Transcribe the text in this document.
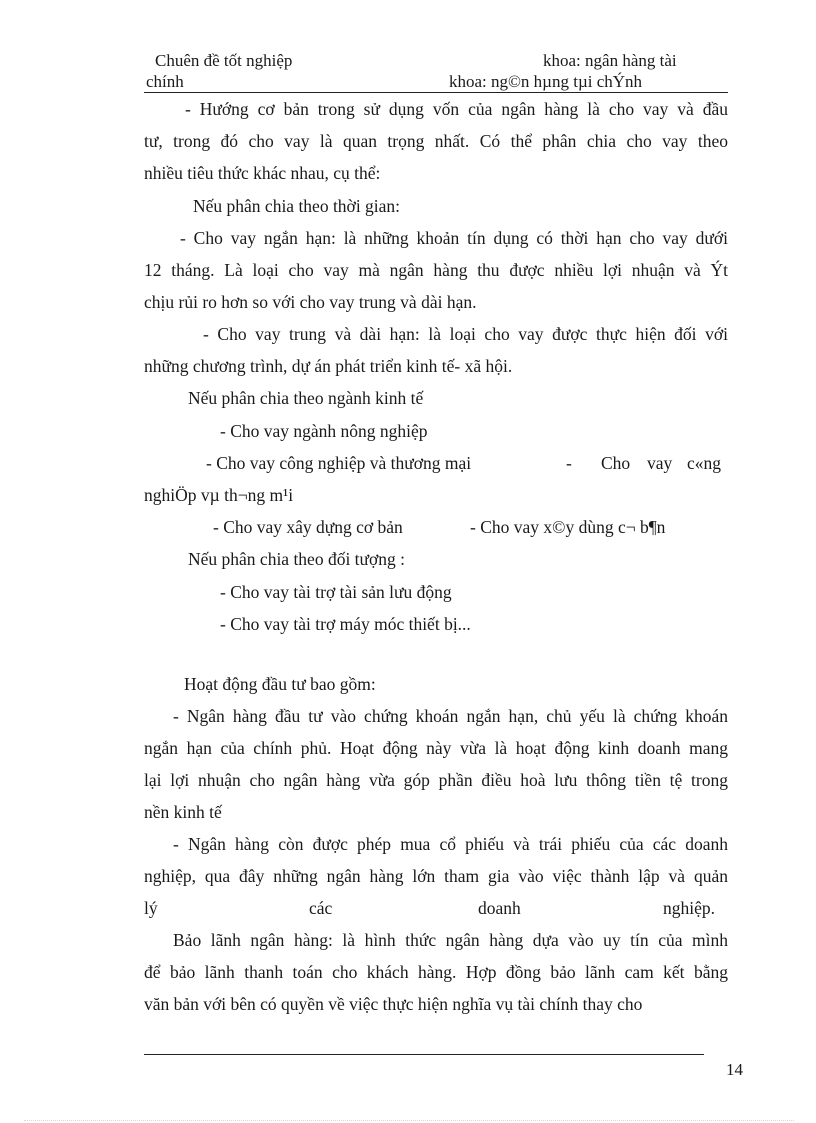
Chuên đề tốt nghiệp	khoa: ngân hàng tài
chính	khoa: ng©n hµng tµi chÝnh
- Hướng cơ bản trong sử dụng vốn của ngân hàng là cho vay và đầu
tư, trong đó cho vay là quan trọng nhất. Có thể phân chia cho vay theo
nhiều tiêu thức khác nhau, cụ thể:
Nếu phân chia theo thời gian:
- Cho vay ngắn hạn: là những khoản tín dụng có thời hạn cho vay dưới
12 tháng. Là loại cho vay mà ngân hàng thu được nhiều lợi nhuận và Ýt
chịu rủi ro hơn so với cho vay trung và dài hạn.
- Cho vay trung và dài hạn: là loại cho vay được thực hiện đối với
những chương trình, dự án phát triển kinh tế- xã hội.
Nếu phân chia theo ngành kinh tế
- Cho vay ngành nông nghiệp
- Cho vay công nghiệp và thương mại	- Cho vay c«ng
nghiÖp vµ th¬ng m¹i
- Cho vay xây dựng cơ bản	- Cho vay x©y dùng c¬ b¶n
Nếu phân chia theo đối tượng :
- Cho vay tài trợ tài sản lưu động
- Cho vay tài trợ máy móc thiết bị...
Hoạt động đầu tư bao gồm:
- Ngân hàng đầu tư vào chứng khoán ngắn hạn, chủ yếu là chứng khoán
ngắn hạn của chính phủ. Hoạt động này vừa là hoạt động kinh doanh mang
lại lợi nhuận cho ngân hàng vừa góp phần điều hoà lưu thông tiền tệ trong
nền kinh tế
- Ngân hàng còn được phép mua cổ phiếu và trái phiếu của các doanh
nghiệp, qua đây những ngân hàng lớn tham gia vào việc thành lập và quản
lý	các	doanh	nghiệp.
Bảo lãnh ngân hàng: là hình thức ngân hàng dựa vào uy tín của mình
để bảo lãnh thanh toán cho khách hàng. Hợp đồng bảo lãnh cam kết bằng
văn bản với bên có quyền về việc thực hiện nghĩa vụ tài chính thay cho
14
